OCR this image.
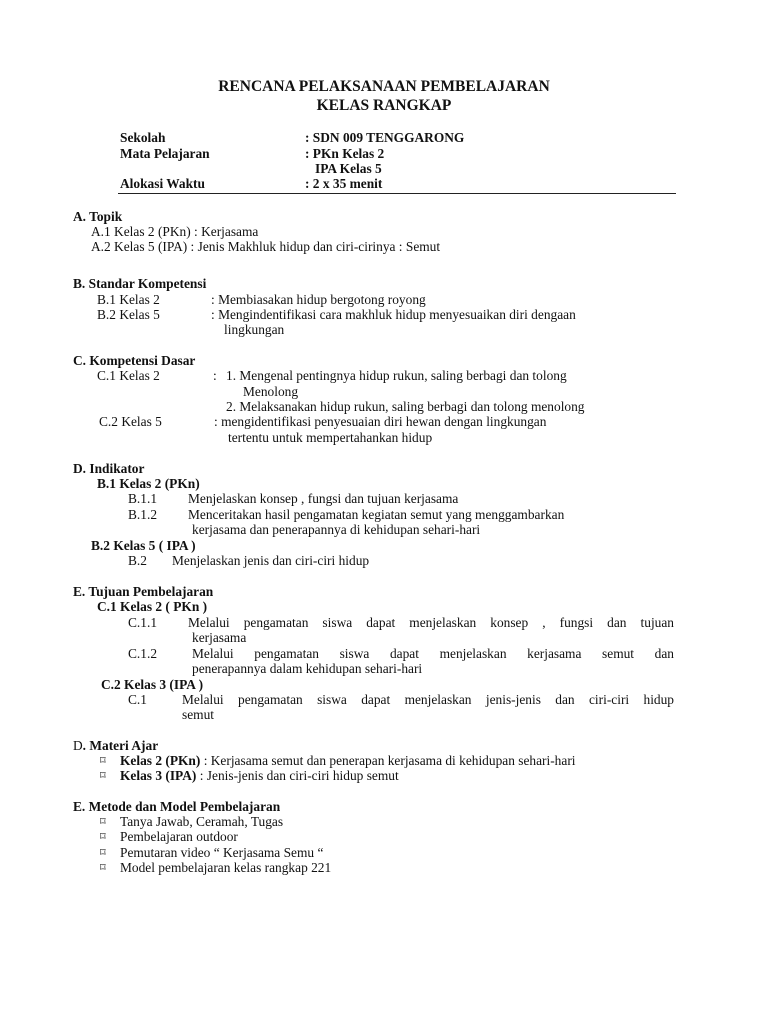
RENCANA PELAKSANAAN PEMBELAJARAN
KELAS RANGKAP
Sekolah	: SDN 009 TENGGARONG
Mata Pelajaran	: PKn Kelas 2
IPA Kelas 5
Alokasi Waktu	: 2 x 35 menit
A. Topik
A.1 Kelas 2 (PKn) : Kerjasama
A.2 Kelas 5 (IPA) : Jenis Makhluk hidup dan ciri-cirinya : Semut
B. Standar Kompetensi
B.1 Kelas 2	: Membiasakan hidup bergotong royong
B.2 Kelas 5	: Mengindentifikasi cara makhluk hidup menyesuaikan diri dengaan
lingkungan
C. Kompetensi Dasar
C.1 Kelas 2	: 1. Mengenal pentingnya hidup rukun, saling berbagi dan tolong
Menolong
2. Melaksanakan hidup rukun, saling berbagi dan tolong menolong
C.2 Kelas 5	: mengidentifikasi penyesuaian diri hewan dengan lingkungan
tertentu untuk mempertahankan hidup
D. Indikator
B.1 Kelas 2 (PKn)
B.1.1 Menjelaskan konsep , fungsi dan tujuan kerjasama
B.1.2 Menceritakan hasil pengamatan kegiatan semut yang menggambarkan
kerjasama dan penerapannya di kehidupan sehari-hari
B.2 Kelas 5 ( IPA )
B.2 Menjelaskan jenis dan ciri-ciri hidup
E. Tujuan Pembelajaran
C.1 Kelas 2 ( PKn )
C.1.1 Melalui pengamatan siswa dapat menjelaskan konsep , fungsi dan tujuan
kerjasama
C.1.2	Melalui pengamatan siswa dapat menjelaskan kerjasama semut dan
penerapannya dalam kehidupan sehari-hari
C.2 Kelas 3 (IPA )
C.1	Melalui pengamatan siswa dapat menjelaskan jenis-jenis dan ciri-ciri hidup
semut
D. Materi Ajar
⌑ Kelas 2 (PKn) : Kerjasama semut dan penerapan kerjasama di kehidupan sehari-hari
⌑ Kelas 3 (IPA) : Jenis-jenis dan ciri-ciri hidup semut
E. Metode dan Model Pembelajaran
⌑ Tanya Jawab, Ceramah, Tugas
⌑ Pembelajaran outdoor
⌑ Pemutaran video “ Kerjasama Semu “
⌑ Model pembelajaran kelas rangkap 221
